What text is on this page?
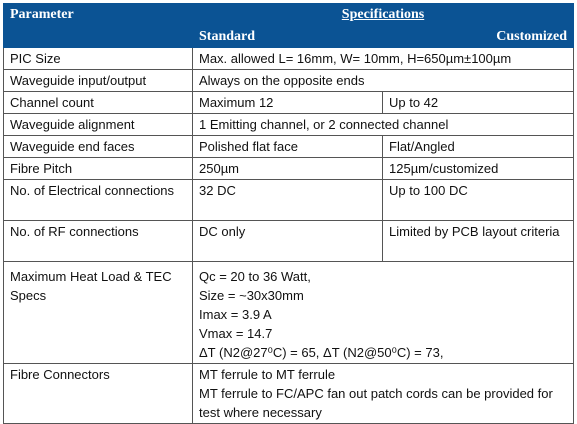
Parameter	Specifications	
	Standard	Customized
PIC Size	Max. allowed L= 16mm, W= 10mm, H=650µm±100µm	
Waveguide input/output	Always on the opposite ends	
Channel count	Maximum 12	Up to 42
Waveguide alignment	1 Emitting channel, or 2 connected channel	
Waveguide end faces	Polished flat face	Flat/Angled
Fibre Pitch	250µm	125µm/customized
No. of Electrical connections	32 DC	Up to 100 DC
No. of RF connections	DC only	Limited by PCB layout criteria
Maximum Heat Load & TEC Specs	Qc = 20 to 36 Watt,
Size = ~30x30mm
Imax = 3.9 A
Vmax = 14.7
ΔT (N2@27⁰C) = 65, ΔT (N2@50⁰C) = 73,	

Fibre Connectors	MT ferrule to MT ferrule
MT ferrule to FC/APC fan out patch cords can be provided for test where necessary	
